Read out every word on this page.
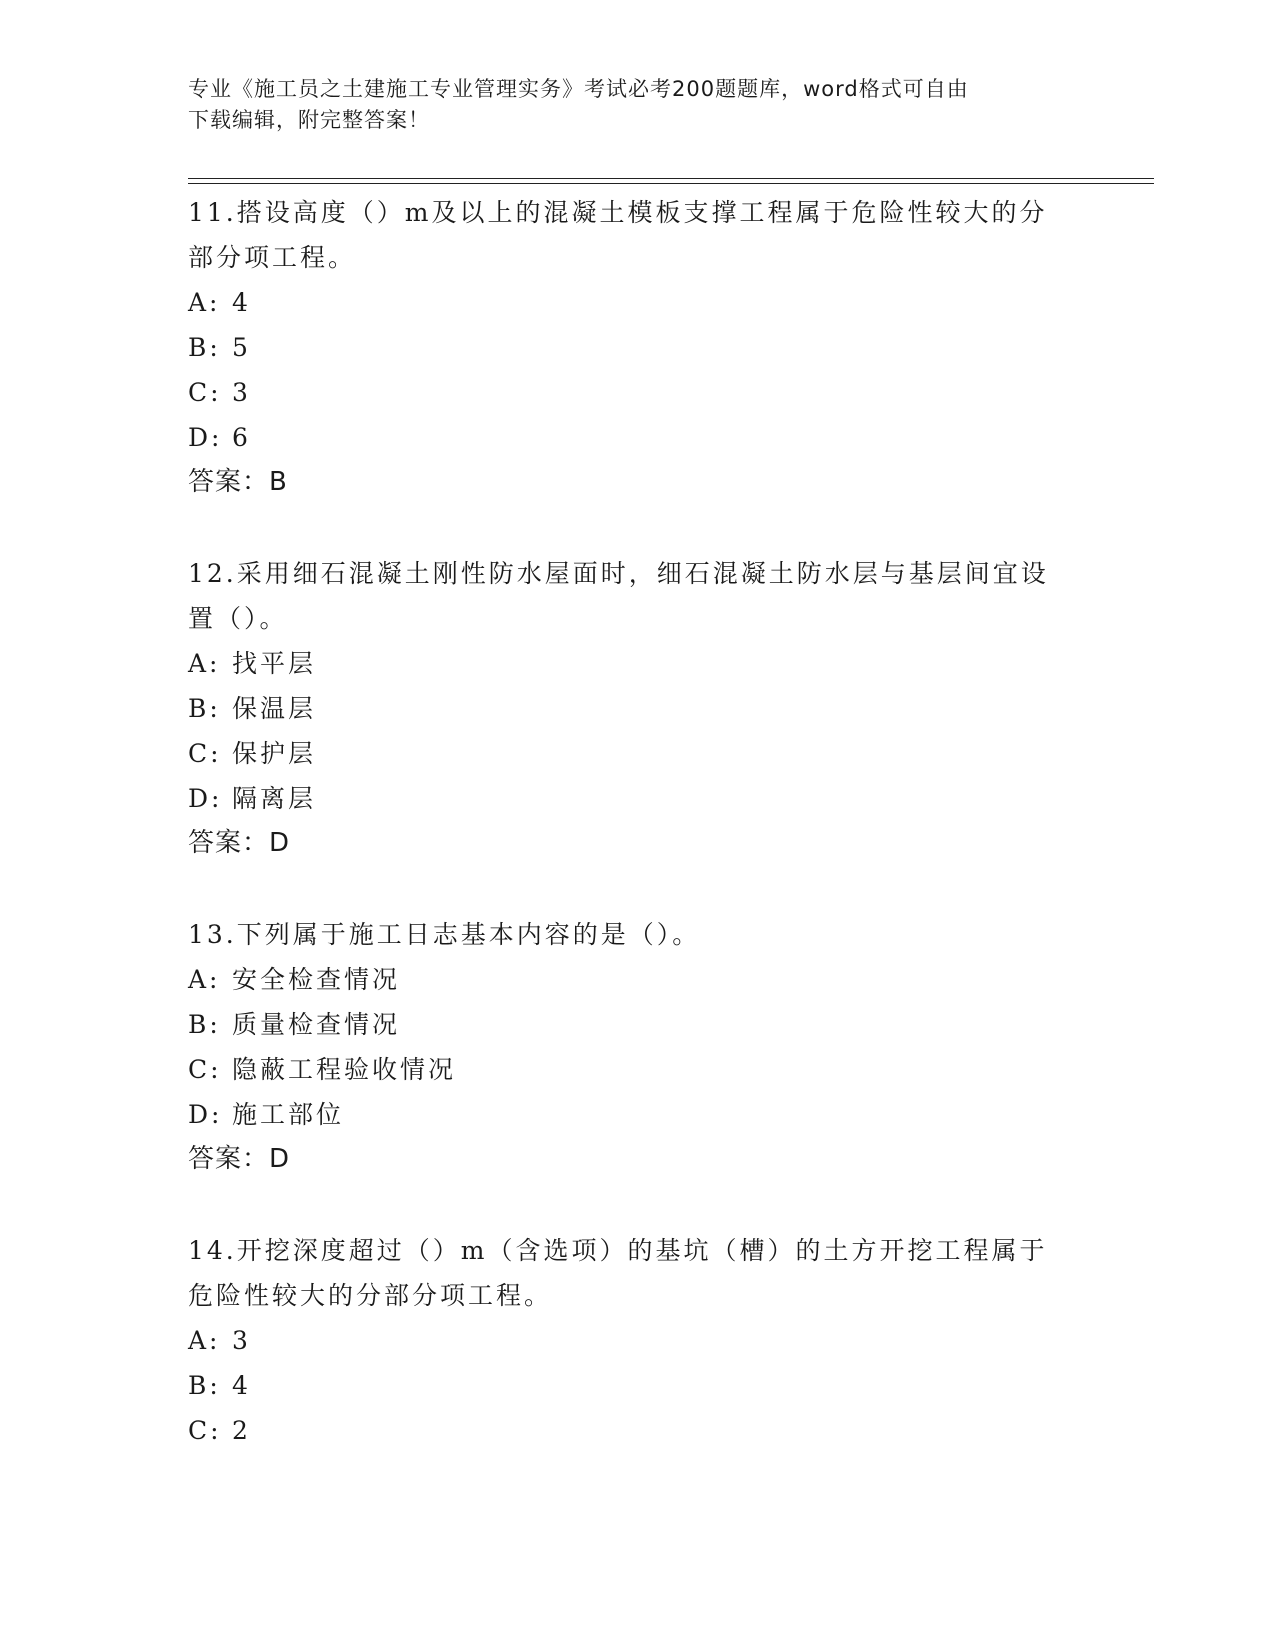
专业《施工员之土建施工专业管理实务》考试必考200题题库，word格式可自由
下载编辑，附完整答案！

11.搭设高度（）m及以上的混凝土模板支撑工程属于危险性较大的分部分项工程。

A: 4

B: 5

C: 3

D: 6

答案：B

12.采用细石混凝土刚性防水屋面时，细石混凝土防水层与基层间宜设置（）。

A: 找平层

B: 保温层

C: 保护层

D: 隔离层

答案：D

13.下列属于施工日志基本内容的是（）。

A: 安全检查情况

B: 质量检查情况

C: 隐蔽工程验收情况

D: 施工部位

答案：D

14.开挖深度超过（）m（含选项）的基坑（槽）的土方开挖工程属于危险性较大的分部分项工程。

A: 3

B: 4

C: 2
